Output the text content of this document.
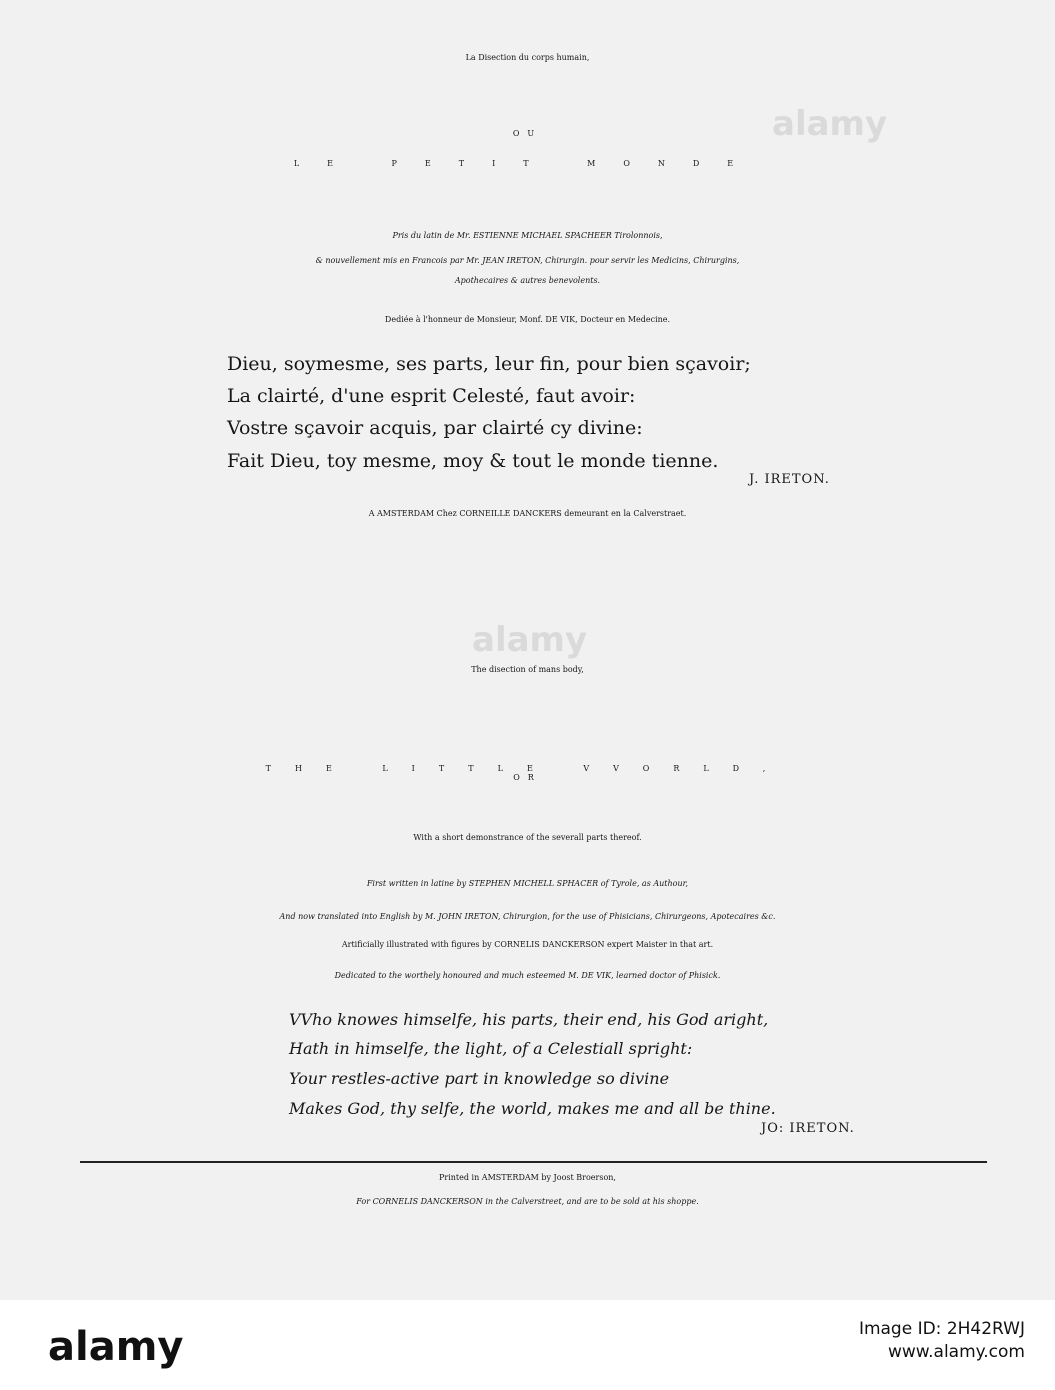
La Disection du corps humain,
OU
LE PETIT MONDE
Pris du latin de Mr. ESTIENNE MICHAEL SPACHEER Tirolonnois,
& nouvellement mis en Francois par Mr. JEAN IRETON, Chirurgin. pour servir les Medicins, Chirurgins,
Apothecaires & autres benevolents.
Dediée à l'honneur de Monsieur, Monf. DE VIK, Docteur en Medecine.
Dieu, soymesme, ses parts, leur fin, pour bien sçavoir;
La clairté, d'une esprit Celesté, faut avoir:
Vostre sçavoir acquis, par clairté cy divine:
Fait Dieu, toy mesme, moy & tout le monde tienne.
J. IRETON.
A AMSTERDAM Chez CORNEILLE DANCKERS demeurant en la Calverstraet.
The disection of mans body,
THE LITTLE VVORLD,
OR
With a short demonstrance of the severall parts thereof.
First written in latine by STEPHEN MICHELL SPHACER of Tyrole, as Authour,
And now translated into English by M. JOHN IRETON, Chirurgion, for the use of Phisicians, Chirurgeons, Apotecaires &c.
Artificially illustrated with figures by CORNELIS DANCKERSON expert Maister in that art.
Dedicated to the worthely honoured and much esteemed M. DE VIK, learned doctor of Phisick.
VVho knowes himselfe, his parts, their end, his God aright,
Hath in himselfe, the light, of a Celestiall spright:
Your restles-active part in knowledge so divine
Makes God, thy selfe, the world, makes me and all be thine.
JO: IRETON.
Printed in AMSTERDAM by Joost Broerson,
For CORNELIS DANCKERSON in the Calverstreet, and are to be sold at his shoppe.
alamy
alamy
alamy	Image ID: 2H42RWJ
www.alamy.com
